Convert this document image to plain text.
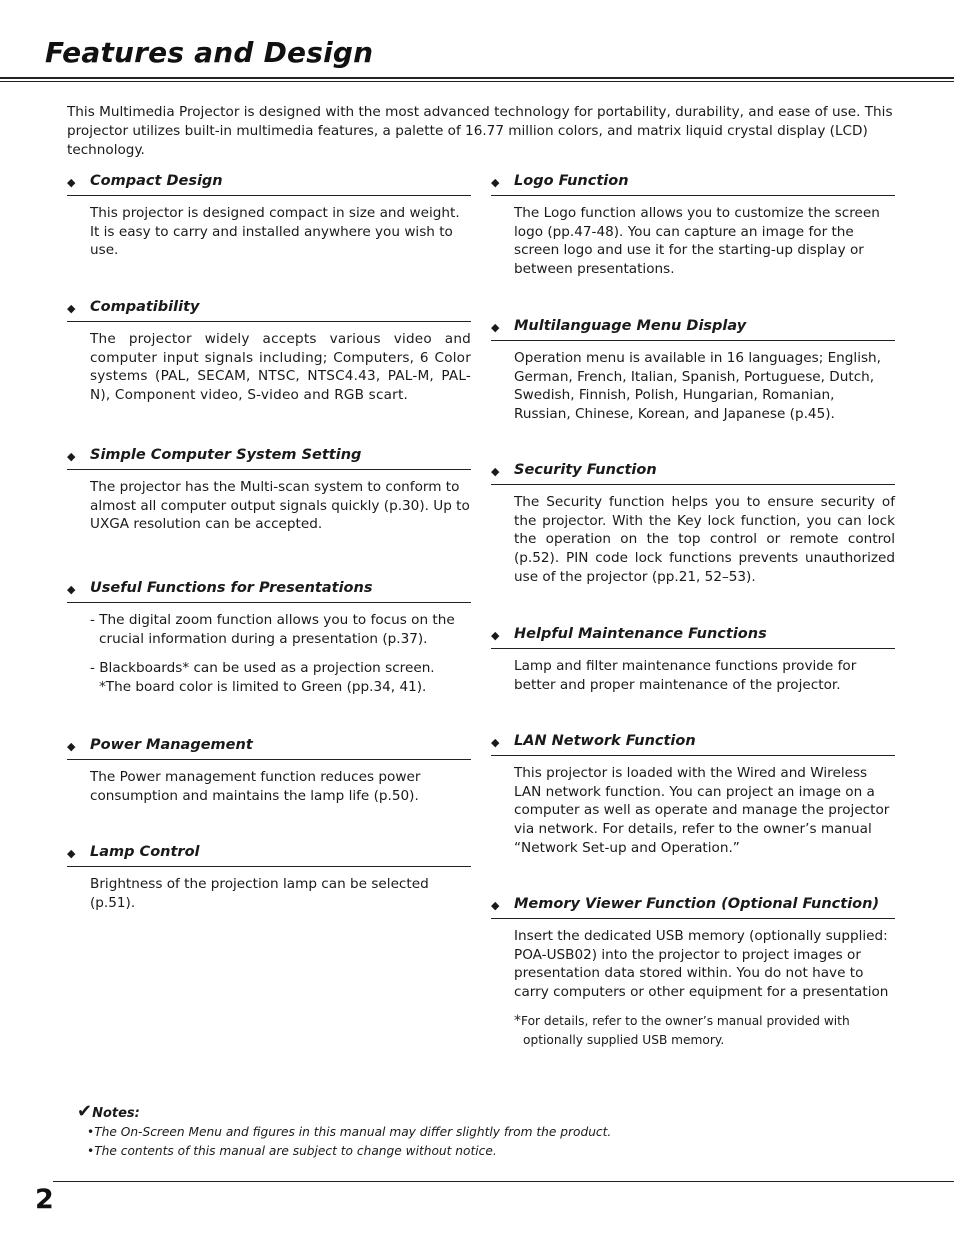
Features and Design
This Multimedia Projector is designed with the most advanced technology for portability, durability, and ease of use. This projector utilizes built-in multimedia features, a palette of 16.77 million colors, and matrix liquid crystal display (LCD) technology.
◆ Compact Design
This projector is designed compact in size and weight. It is easy to carry and installed anywhere you wish to use.
◆ Compatibility
The projector widely accepts various video and computer input signals including; Computers, 6 Color systems (PAL, SECAM, NTSC, NTSC4.43, PAL-M, PAL-N), Component video, S-video and RGB scart.
◆ Simple Computer System Setting
The projector has the Multi-scan system to conform to almost all computer output signals quickly (p.30). Up to UXGA resolution can be accepted.
◆ Useful Functions for Presentations
- The digital zoom function allows you to focus on the crucial information during a presentation (p.37).
- Blackboards* can be used as a projection screen.
*The board color is limited to Green (pp.34, 41).
◆ Power Management
The Power management function reduces power consumption and maintains the lamp life (p.50).
◆ Lamp Control
Brightness of the projection lamp can be selected (p.51).
◆ Logo Function
The Logo function allows you to customize the screen logo (pp.47-48). You can capture an image for the screen logo and use it for the starting-up display or between presentations.
◆ Multilanguage Menu Display
Operation menu is available in 16 languages; English, German, French, Italian, Spanish, Portuguese, Dutch, Swedish, Finnish, Polish, Hungarian, Romanian, Russian, Chinese, Korean, and Japanese (p.45).
◆ Security Function
The Security function helps you to ensure security of the projector. With the Key lock function, you can lock the operation on the top control or remote control (p.52). PIN code lock functions prevents unauthorized use of the projector (pp.21, 52–53).
◆ Helpful Maintenance Functions
Lamp and filter maintenance functions provide for better and proper maintenance of the projector.
◆ LAN Network Function
This projector is loaded with the Wired and Wireless LAN network function. You can project an image on a computer as well as operate and manage the projector via network. For details, refer to the owner’s manual “Network Set-up and Operation.”
◆ Memory Viewer Function (Optional Function)
Insert the dedicated USB memory (optionally supplied: POA-USB02) into the projector to project images or presentation data stored within. You do not have to carry computers or other equipment for a presentation
*For details, refer to the owner’s manual provided with optionally supplied USB memory.
✔Notes:
•The On-Screen Menu and figures in this manual may differ slightly from the product.
•The contents of this manual are subject to change without notice.
2
